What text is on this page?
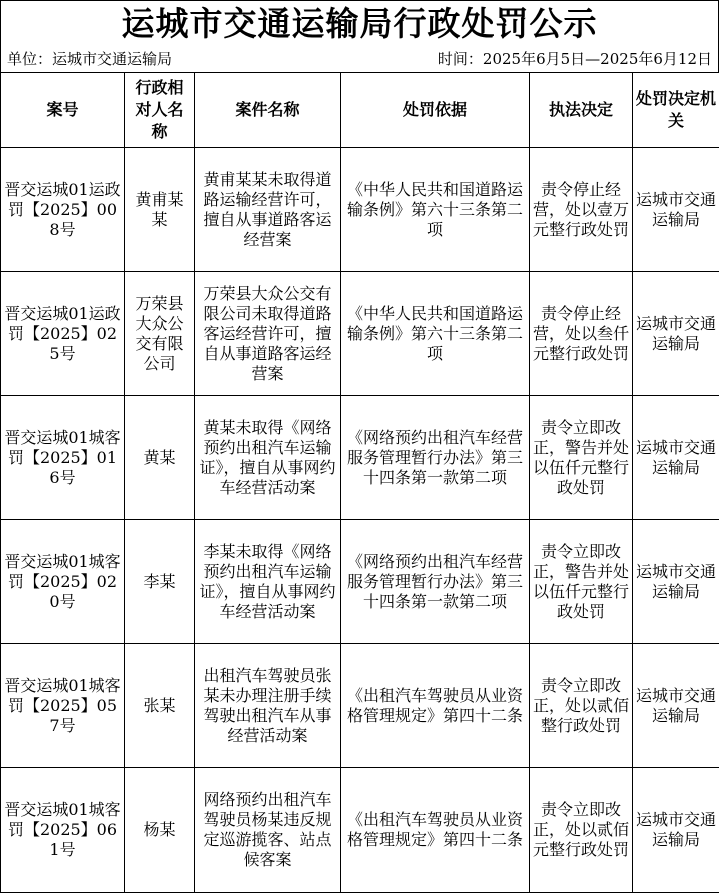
运城市交通运输局行政处罚公示
单位：运城市交通运输局	时间：2025年6月5日—2025年6月12日
案号	行政相对人名称	案件名称	处罚依据	执法决定	处罚决定机关
晋交运城01运政罚【2025】008号	黄甫某某	黄甫某某未取得道路运输经营许可，擅自从事道路客运经营案	《中华人民共和国道路运输条例》第六十三条第二项	责令停止经营，处以壹万元整行政处罚	运城市交通运输局
晋交运城01运政罚【2025】025号	万荣县大众公交有限公司	万荣县大众公交有限公司未取得道路客运经营许可，擅自从事道路客运经营案	《中华人民共和国道路运输条例》第六十三条第二项	责令停止经营，处以叁仟元整行政处罚	运城市交通运输局
晋交运城01城客罚【2025】016号	黄某	黄某未取得《网络预约出租汽车运输证》，擅自从事网约车经营活动案	《网络预约出租汽车经营服务管理暂行办法》第三十四条第一款第二项	责令立即改正，警告并处以伍仟元整行政处罚	运城市交通运输局
晋交运城01城客罚【2025】020号	李某	李某未取得《网络预约出租汽车运输证》，擅自从事网约车经营活动案	《网络预约出租汽车经营服务管理暂行办法》第三十四条第一款第二项	责令立即改正，警告并处以伍仟元整行政处罚	运城市交通运输局
晋交运城01城客罚【2025】057号	张某	出租汽车驾驶员张某未办理注册手续驾驶出租汽车从事经营活动案	《出租汽车驾驶员从业资格管理规定》第四十二条	责令立即改正，处以贰佰整行政处罚	运城市交通运输局
晋交运城01城客罚【2025】061号	杨某	网络预约出租汽车驾驶员杨某违反规定巡游揽客、站点候客案	《出租汽车驾驶员从业资格管理规定》第四十二条	责令立即改正，处以贰佰元整行政处罚	运城市交通运输局
